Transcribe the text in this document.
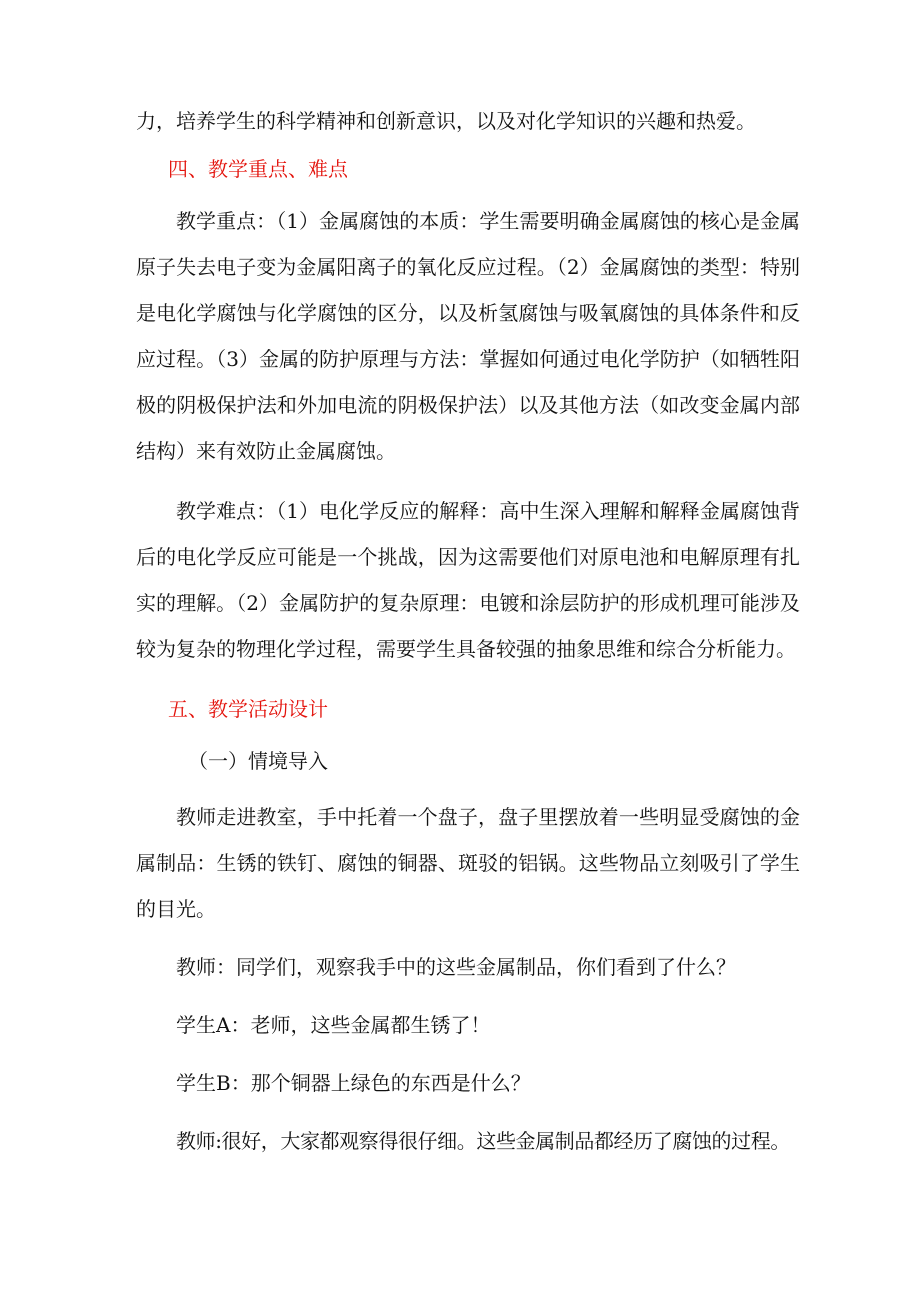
力，培养学生的科学精神和创新意识，以及对化学知识的兴趣和热爱。

四、教学重点、难点

教学重点：（1）金属腐蚀的本质：学生需要明确金属腐蚀的核心是金属原子失去电子变为金属阳离子的氧化反应过程。（2）金属腐蚀的类型：特别是电化学腐蚀与化学腐蚀的区分，以及析氢腐蚀与吸氧腐蚀的具体条件和反应过程。（3）金属的防护原理与方法：掌握如何通过电化学防护（如牺牲阳极的阴极保护法和外加电流的阴极保护法）以及其他方法（如改变金属内部结构）来有效防止金属腐蚀。

教学难点：（1）电化学反应的解释：高中生深入理解和解释金属腐蚀背后的电化学反应可能是一个挑战，因为这需要他们对原电池和电解原理有扎实的理解。（2）金属防护的复杂原理：电镀和涂层防护的形成机理可能涉及较为复杂的物理化学过程，需要学生具备较强的抽象思维和综合分析能力。

五、教学活动设计

（一）情境导入

教师走进教室，手中托着一个盘子，盘子里摆放着一些明显受腐蚀的金属制品：生锈的铁钉、腐蚀的铜器、斑驳的铝锅。这些物品立刻吸引了学生的目光。

教师：同学们，观察我手中的这些金属制品，你们看到了什么？

学生A：老师，这些金属都生锈了！

学生B：那个铜器上绿色的东西是什么？

教师:很好，大家都观察得很仔细。这些金属制品都经历了腐蚀的过程。
